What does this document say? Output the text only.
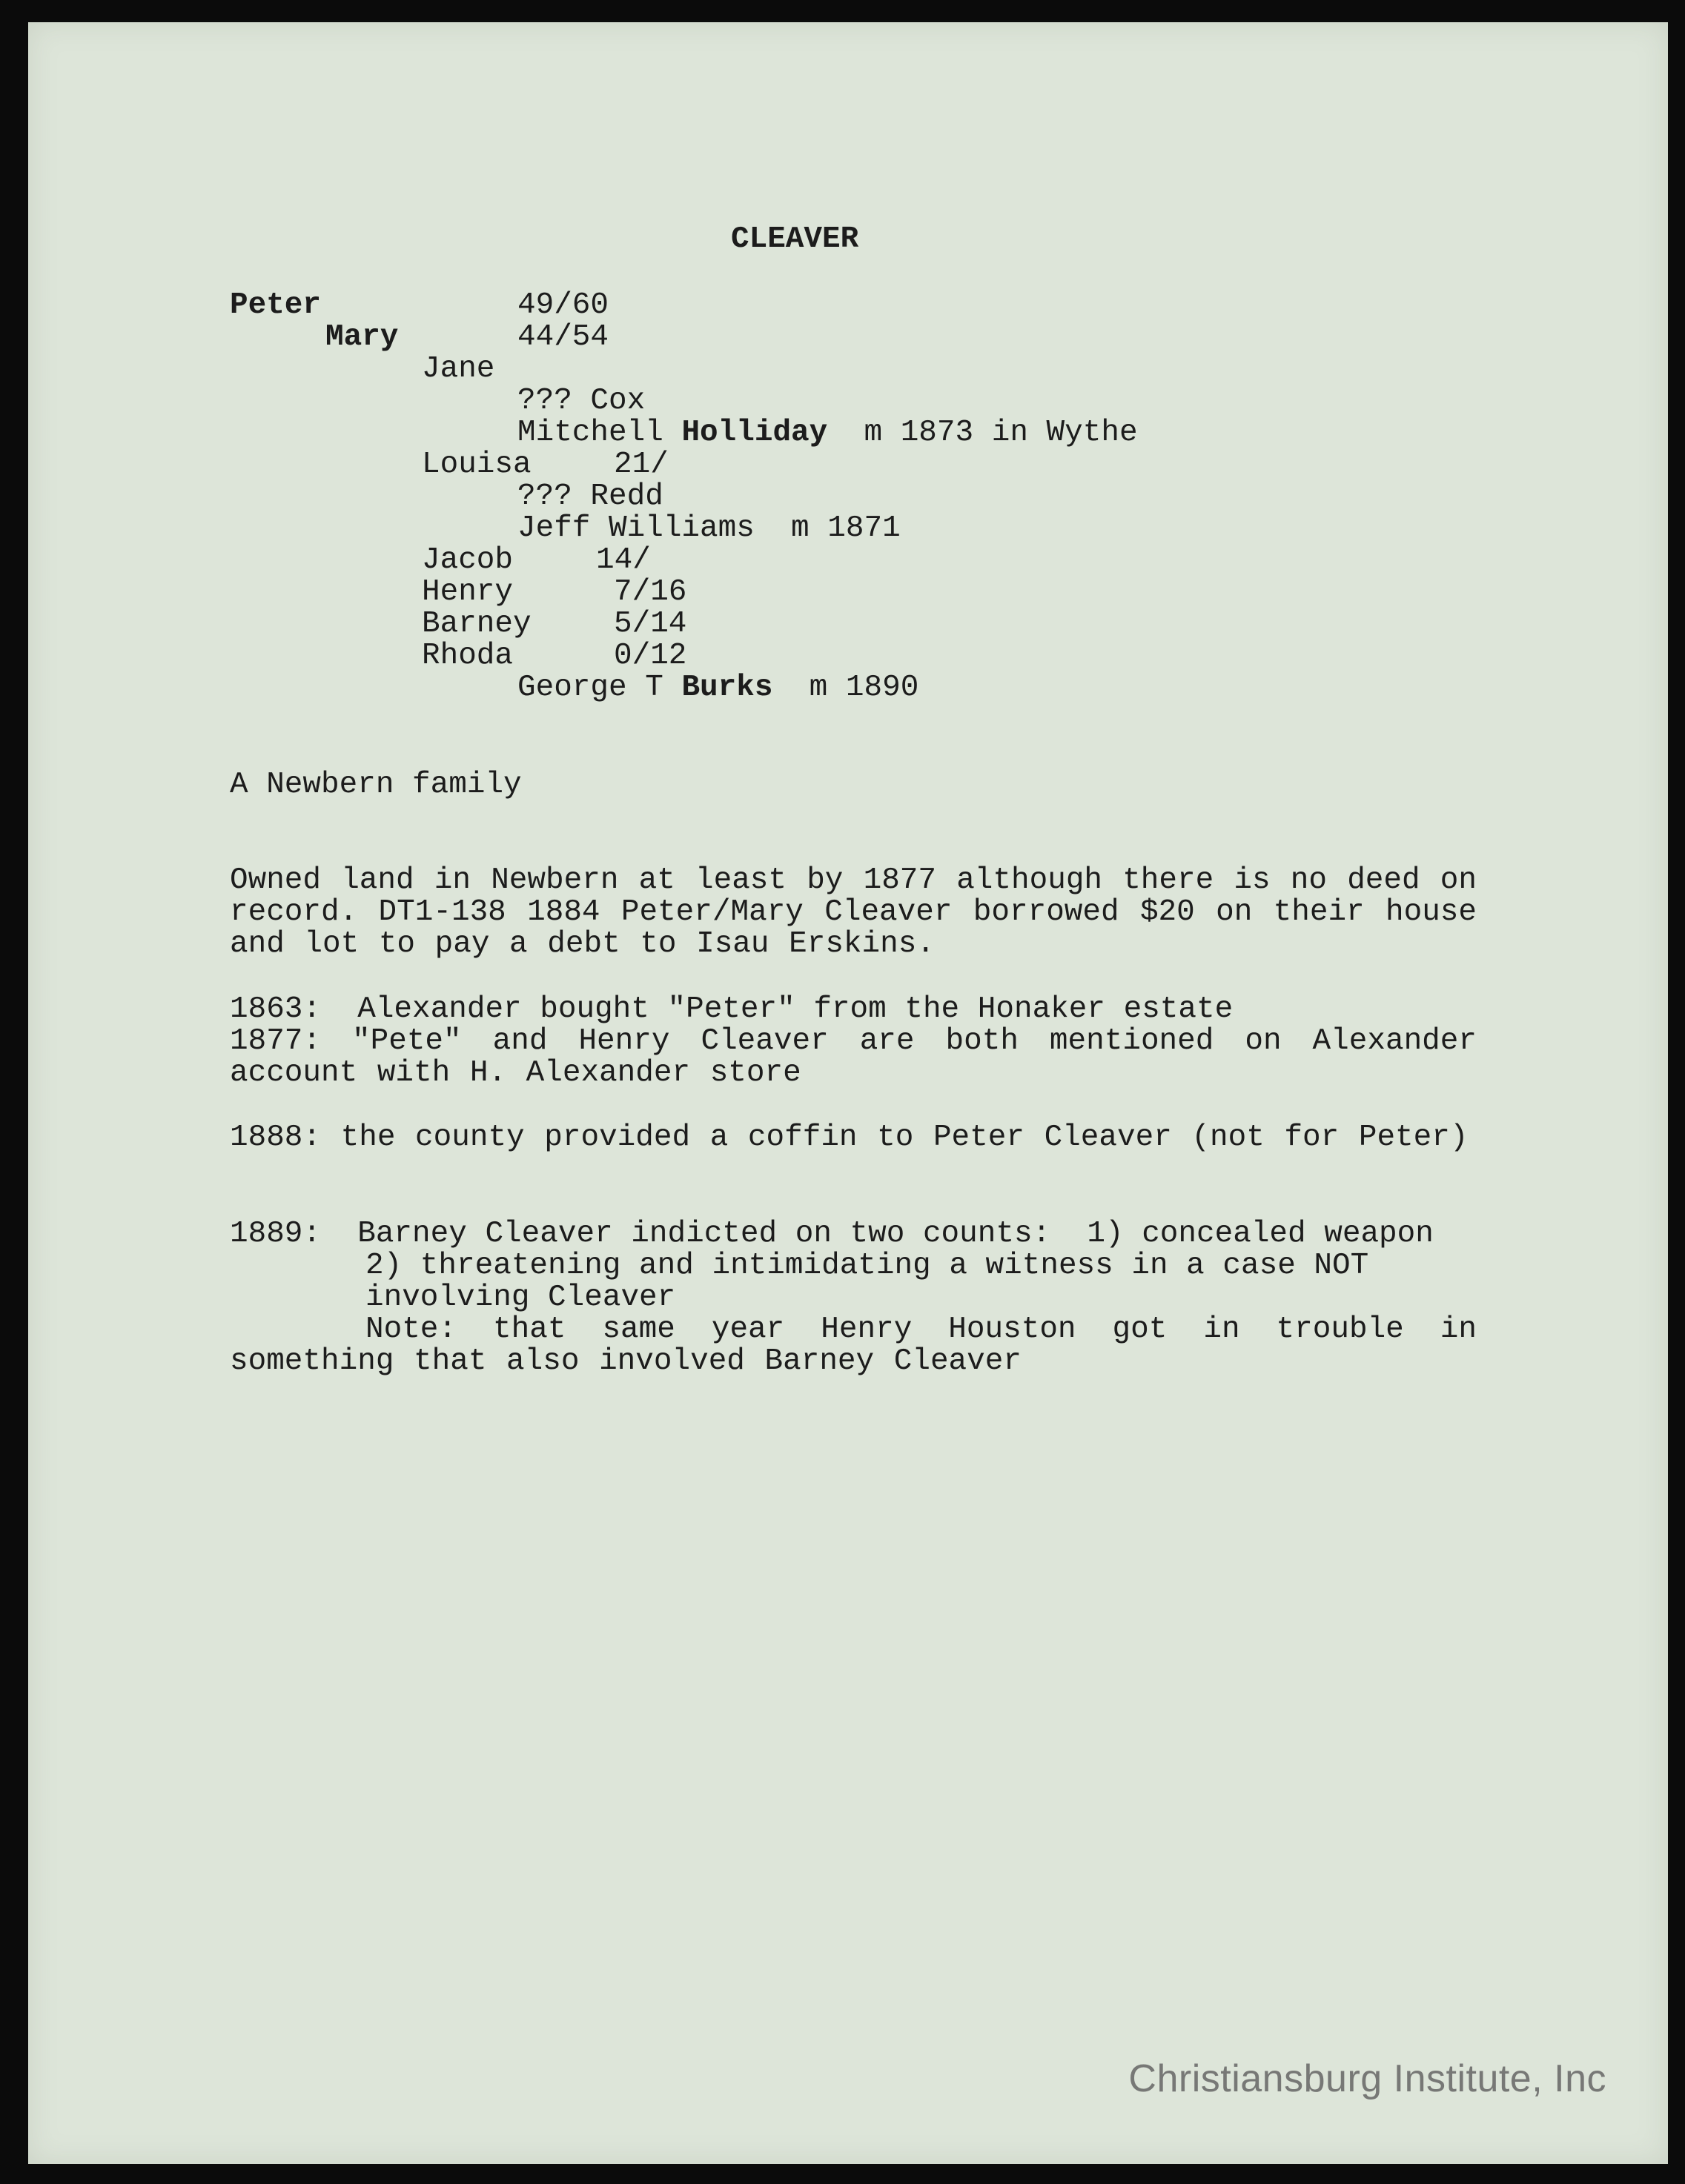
CLEAVER
Peter	49/60
Mary	44/54
Jane
??? Cox
Mitchell Holliday  m 1873 in Wythe
Louisa	21/
??? Redd
Jeff Williams  m 1871
Jacob	14/
Henry	7/16
Barney	5/14
Rhoda	0/12
George T Burks  m 1890
A Newbern family
Owned land in Newbern at least by 1877 although there is no deed on record. DT1-138 1884 Peter/Mary Cleaver borrowed $20 on their house and lot to pay a debt to Isau Erskins.
1863:  Alexander bought "Peter" from the Honaker estate
1877: "Pete" and Henry Cleaver are both mentioned on Alexander account with H. Alexander store
1888: the county provided a coffin to Peter Cleaver (not for Peter)
1889:  Barney Cleaver indicted on two counts:  1) concealed weapon
2) threatening and intimidating a witness in a case NOT
involving Cleaver
Note: that same year Henry Houston got in trouble in something that also involved Barney Cleaver
Christiansburg Institute, Inc
